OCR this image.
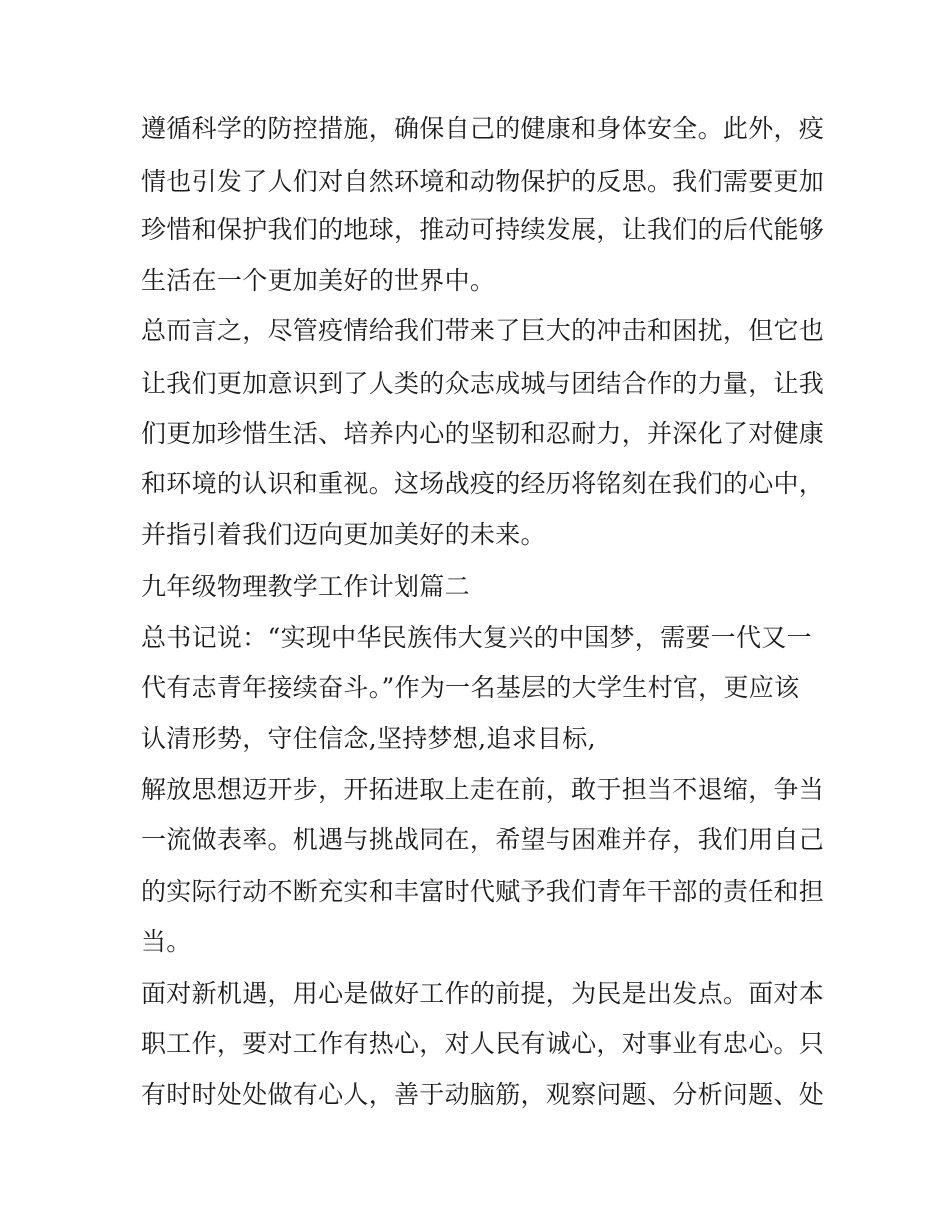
遵循科学的防控措施，确保自己的健康和身体安全。此外，疫
情也引发了人们对自然环境和动物保护的反思。我们需要更加
珍惜和保护我们的地球，推动可持续发展，让我们的后代能够
生活在一个更加美好的世界中。
总而言之，尽管疫情给我们带来了巨大的冲击和困扰，但它也
让我们更加意识到了人类的众志成城与团结合作的力量，让我
们更加珍惜生活、培养内心的坚韧和忍耐力，并深化了对健康
和环境的认识和重视。这场战疫的经历将铭刻在我们的心中，
并指引着我们迈向更加美好的未来。
九年级物理教学工作计划篇二
总书记说：“实现中华民族伟大复兴的中国梦，需要一代又一
代有志青年接续奋斗。”作为一名基层的大学生村官，更应该
认清形势，守住信念,坚持梦想,追求目标,
解放思想迈开步，开拓进取上走在前，敢于担当不退缩，争当
一流做表率。机遇与挑战同在，希望与困难并存，我们用自己
的实际行动不断充实和丰富时代赋予我们青年干部的责任和担
当。
面对新机遇，用心是做好工作的前提，为民是出发点。面对本
职工作，要对工作有热心，对人民有诚心，对事业有忠心。只
有时时处处做有心人，善于动脑筋，观察问题、分析问题、处
